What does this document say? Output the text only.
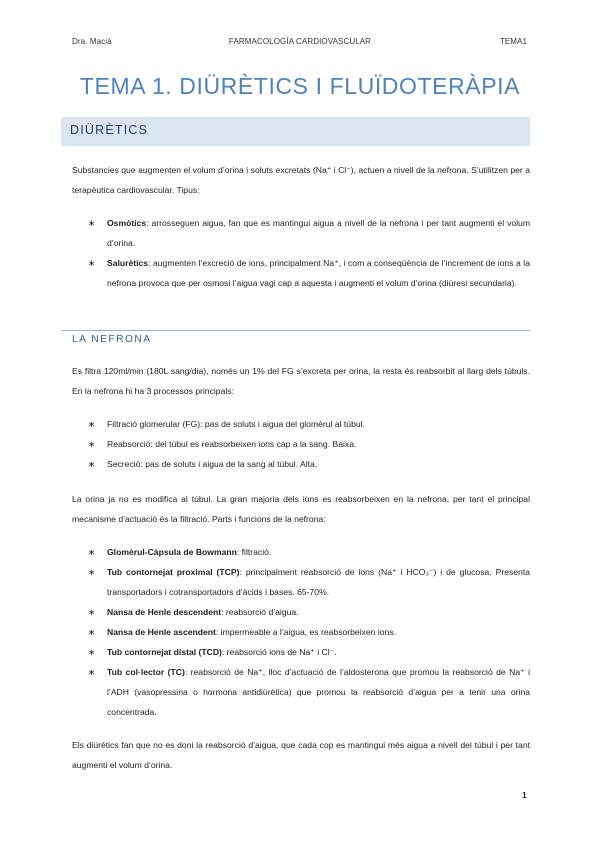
Dra. Macià	FARMACOLOGÍA CARDIOVASCULAR	TEMA1
TEMA 1. DIÜRÈTICS I FLUÏDOTERÀPIA
DIÜRÈTICS
Substancies que augmenten el volum d’orina i soluts excretats (Na⁺ i Cl⁻), actuen a nivell de la nefrona. S’utilitzen per a terapèutica cardiovascular. Tipus:
∗ Osmòtics: arrosseguen aigua, fan que es mantingui aigua a nivell de la nefrona i per tant augmenti el volum d’orina.
∗ Salurètics: augmenten l’excreció de ions, principalment Na⁺, i com a conseqüència de l’increment de ions a la nefrona provoca que per osmosi l’aigua vagi cap a aquesta i augmenti el volum d’orina (diüresi secundaria).
LA NEFRONA
Es filtra 120ml/min (180L sang/dia), només un 1% del FG s’excreta per orina, la resta és reabsorbit al llarg dels túbuls. En la nefrona hi ha 3 processos principals:
∗ Filtració glomerular (FG): pas de soluts i aigua del glomèrul al túbul.
∗ Reabsorció: del túbul es reabsorbeixen ions cap a la sang. Baixa.
∗ Secreció: pas de soluts i aigua de la sang al túbul. Alta.
La orina ja no es modifica al túbul. La gran majoria dels ions es reabsorbeixen en la nefrona, per tant el principal mecanisme d’actuació és la filtració. Parts i funcions de la nefrona:
∗ Glomèrul-Càpsula de Bowmann: filtració.
∗ Tub contornejat proximal (TCP): principalment reabsorció de ions (Na⁺ i HCO₃⁻) i de glucosa. Presenta transportadors i cotransportadors d’àcids i bases. 65-70%.
∗ Nansa de Henle descendent: reabsorció d’aigua.
∗ Nansa de Henle ascendent: impermeable a l’aigua, es reabsorbeixen ions.
∗ Tub contornejat distal (TCD): reabsorció ions de Na⁺ i Cl⁻.
∗ Tub col·lector (TC): reabsorció de Na⁺, lloc d’actuació de l’aldosterona que promou la reabsorció de Na⁺ i l’ADH (vasopressina o hormona antidiürètica) que promou la reabsorció d’aigua per a tenir una orina concentrada.
Els diürètics fan que no es doni la reabsorció d’aigua, que cada cop es mantingui més aigua a nivell del túbul i per tant augmenti el volum d’orina.
1
